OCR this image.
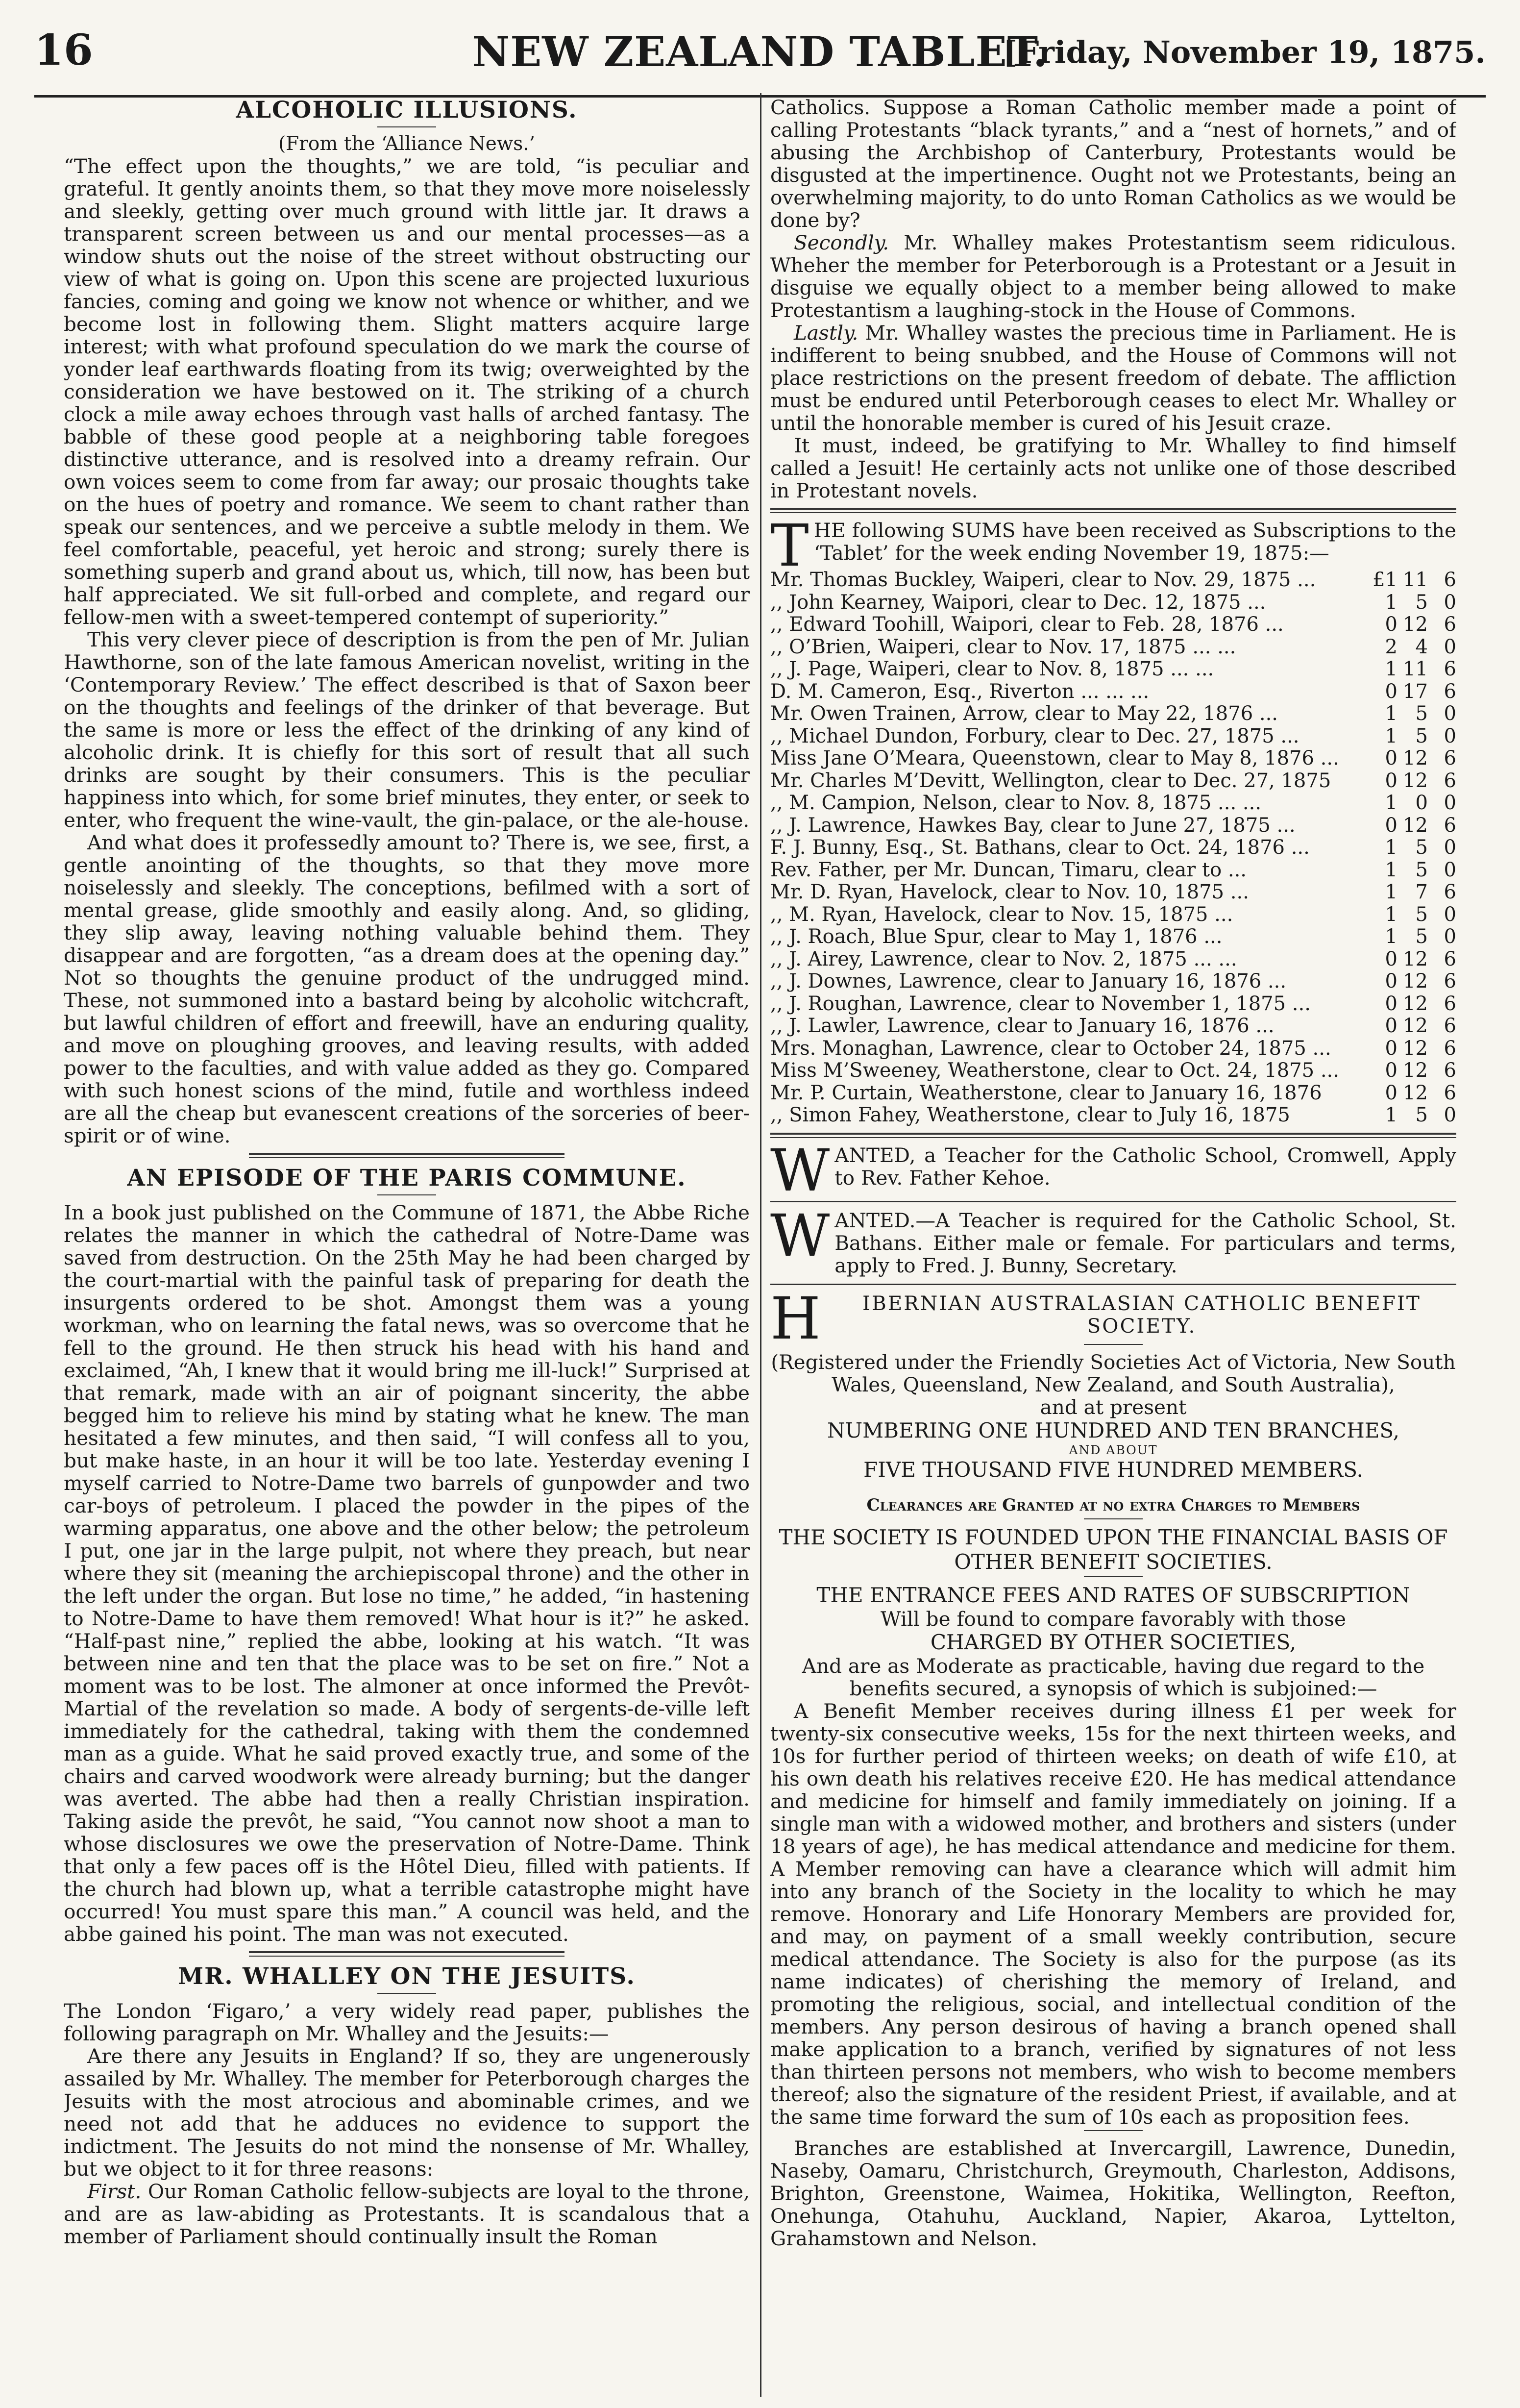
16	NEW ZEALAND TABLET.
[Friday, November 19, 1875.
ALCOHOLIC ILLUSIONS.
(From the ‘Alliance News.’

“The effect upon the thoughts,” we are told, “is peculiar and grateful. It gently anoints them, so that they move more noiselessly and sleekly, getting over much ground with little jar. It draws a transparent screen between us and our mental processes—as a window shuts out the noise of the street without obstructing our view of what is going on. Upon this scene are projected luxurious fancies, coming and going we know not whence or whither, and we become lost in following them. Slight matters acquire large interest; with what profound speculation do we mark the course of yonder leaf earthwards floating from its twig; overweighted by the consideration we have bestowed on it. The striking of a church clock a mile away echoes through vast halls of arched fantasy. The babble of these good people at a neighboring table foregoes distinctive utterance, and is resolved into a dreamy refrain. Our own voices seem to come from far away; our prosaic thoughts take on the hues of poetry and romance. We seem to chant rather than speak our sentences, and we perceive a subtle melody in them. We feel comfortable, peaceful, yet heroic and strong; surely there is something superb and grand about us, which, till now, has been but half appreciated. We sit full-orbed and complete, and regard our fellow-men with a sweet-tempered contempt of superiority.”

This very clever piece of description is from the pen of Mr. Julian Hawthorne, son of the late famous American novelist, writing in the ‘Contemporary Review.’ The effect described is that of Saxon beer on the thoughts and feelings of the drinker of that beverage. But the same is more or less the effect of the drinking of any kind of alcoholic drink. It is chiefly for this sort of result that all such drinks are sought by their consumers. This is the peculiar happiness into which, for some brief minutes, they enter, or seek to enter, who frequent the wine-vault, the gin-palace, or the ale-house.

And what does it professedly amount to? There is, we see, first, a gentle anointing of the thoughts, so that they move more noiselessly and sleekly. The conceptions, befilmed with a sort of mental grease, glide smoothly and easily along. And, so gliding, they slip away, leaving nothing valuable behind them. They disappear and are forgotten, “as a dream does at the opening day.” Not so thoughts the genuine product of the undrugged mind. These, not summoned into a bastard being by alcoholic witchcraft, but lawful children of effort and freewill, have an enduring quality, and move on ploughing grooves, and leaving results, with added power to the faculties, and with value added as they go. Compared with such honest scions of the mind, futile and worthless indeed are all the cheap but evanescent creations of the sorceries of beer-spirit or of wine.

AN EPISODE OF THE PARIS COMMUNE.

In a book just published on the Commune of 1871, the Abbe Riche relates the manner in which the cathedral of Notre-Dame was saved from destruction. On the 25th May he had been charged by the court-martial with the painful task of preparing for death the insurgents ordered to be shot. Amongst them was a young workman, who on learning the fatal news, was so overcome that he fell to the ground. He then struck his head with his hand and exclaimed, “Ah, I knew that it would bring me ill-luck!” Surprised at that remark, made with an air of poignant sincerity, the abbe begged him to relieve his mind by stating what he knew. The man hesitated a few minutes, and then said, “I will confess all to you, but make haste, in an hour it will be too late. Yesterday evening I myself carried to Notre-Dame two barrels of gunpowder and two car-boys of petroleum. I placed the powder in the pipes of the warming apparatus, one above and the other below; the petroleum I put, one jar in the large pulpit, not where they preach, but near where they sit (meaning the archiepiscopal throne) and the other in the left under the organ. But lose no time,” he added, “in hastening to Notre-Dame to have them removed! What hour is it?” he asked. “Half-past nine,” replied the abbe, looking at his watch. “It was between nine and ten that the place was to be set on fire.” Not a moment was to be lost. The almoner at once informed the Prevôt-Martial of the revelation so made. A body of sergents-de-ville left immediately for the cathedral, taking with them the condemned man as a guide. What he said proved exactly true, and some of the chairs and carved woodwork were already burning; but the danger was averted. The abbe had then a really Christian inspiration. Taking aside the prevôt, he said, “You cannot now shoot a man to whose disclosures we owe the preservation of Notre-Dame. Think that only a few paces off is the Hôtel Dieu, filled with patients. If the church had blown up, what a terrible catastrophe might have occurred! You must spare this man.” A council was held, and the abbe gained his point. The man was not executed.

MR. WHALLEY ON THE JESUITS.

The London ‘Figaro,’ a very widely read paper, publishes the following paragraph on Mr. Whalley and the Jesuits:—

Are there any Jesuits in England? If so, they are ungenerously assailed by Mr. Whalley. The member for Peterborough charges the Jesuits with the most atrocious and abominable crimes, and we need not add that he adduces no evidence to support the indictment. The Jesuits do not mind the nonsense of Mr. Whalley, but we object to it for three reasons:

First. Our Roman Catholic fellow-subjects are loyal to the throne, and are as law-abiding as Protestants. It is scandalous that a member of Parliament should continually insult the Roman

Catholics. Suppose a Roman Catholic member made a point of calling Protestants “black tyrants,” and a “nest of hornets,” and of abusing the Archbishop of Canterbury, Protestants would be disgusted at the impertinence. Ought not we Protestants, being an overwhelming majority, to do unto Roman Catholics as we would be done by?

Secondly. Mr. Whalley makes Protestantism seem ridiculous. Wheher the member for Peterborough is a Protestant or a Jesuit in disguise we equally object to a member being allowed to make Protestantism a laughing-stock in the House of Commons.

Lastly. Mr. Whalley wastes the precious time in Parliament. He is indifferent to being snubbed, and the House of Commons will not place restrictions on the present freedom of debate. The affliction must be endured until Peterborough ceases to elect Mr. Whalley or until the honorable member is cured of his Jesuit craze.

It must, indeed, be gratifying to Mr. Whalley to find himself called a Jesuit! He certainly acts not unlike one of those described in Protestant novels.

THE following SUMS have been received as Subscriptions to the ‘Tablet’ for the week ending November 19, 1875:—

Mr. Thomas Buckley, Waiperi, clear to Nov. 29, 1875 ...	£1 11 6
,, John Kearney, Waipori, clear to Dec. 12, 1875 ...	1 5 0
,, Edward Toohill, Waipori, clear to Feb. 28, 1876 ...	0 12 6
,, O’Brien, Waiperi, clear to Nov. 17, 1875 ... ...	2 4 0
,, J. Page, Waiperi, clear to Nov. 8, 1875 ... ...	1 11 6
D. M. Cameron, Esq., Riverton ... ... ...	0 17 6
Mr. Owen Trainen, Arrow, clear to May 22, 1876 ...	1 5 0
,, Michael Dundon, Forbury, clear to Dec. 27, 1875 ...	1 5 0
Miss Jane O’Meara, Queenstown, clear to May 8, 1876 ...	0 12 6
Mr. Charles M’Devitt, Wellington, clear to Dec. 27, 1875	0 12 6
,, M. Campion, Nelson, clear to Nov. 8, 1875 ... ...	1 0 0
,, J. Lawrence, Hawkes Bay, clear to June 27, 1875 ...	0 12 6
F. J. Bunny, Esq., St. Bathans, clear to Oct. 24, 1876 ...	1 5 0
Rev. Father, per Mr. Duncan, Timaru, clear to ...	1 5 0
Mr. D. Ryan, Havelock, clear to Nov. 10, 1875 ...	1 7 6
,, M. Ryan, Havelock, clear to Nov. 15, 1875 ...	1 5 0
,, J. Roach, Blue Spur, clear to May 1, 1876 ...	1 5 0
,, J. Airey, Lawrence, clear to Nov. 2, 1875 ... ...	0 12 6
,, J. Downes, Lawrence, clear to January 16, 1876 ...	0 12 6
,, J. Roughan, Lawrence, clear to November 1, 1875 ...	0 12 6
,, J. Lawler, Lawrence, clear to January 16, 1876 ...	0 12 6
Mrs. Monaghan, Lawrence, clear to October 24, 1875 ...	0 12 6
Miss M’Sweeney, Weatherstone, clear to Oct. 24, 1875 ...	0 12 6
Mr. P. Curtain, Weatherstone, clear to January 16, 1876	0 12 6
,, Simon Fahey, Weatherstone, clear to July 16, 1875	1 5 0

WANTED, a Teacher for the Catholic School, Cromwell, Apply to Rev. Father Kehoe.

WANTED.—A Teacher is required for the Catholic School, St. Bathans. Either male or female. For particulars and terms, apply to Fred. J. Bunny, Secretary.

H IBERNIAN AUSTRALASIAN CATHOLIC BENEFIT SOCIETY.

(Registered under the Friendly Societies Act of Victoria, New South Wales, Queensland, New Zealand, and South Australia),

and at present

NUMBERING ONE HUNDRED AND TEN BRANCHES,

AND ABOUT

FIVE THOUSAND FIVE HUNDRED MEMBERS.

Clearances are Granted at no extra Charges to Members

THE SOCIETY IS FOUNDED UPON THE FINANCIAL BASIS OF OTHER BENEFIT SOCIETIES.

THE ENTRANCE FEES AND RATES OF SUBSCRIPTION

Will be found to compare favorably with those

CHARGED BY OTHER SOCIETIES,

And are as Moderate as practicable, having due regard to the benefits secured, a synopsis of which is subjoined:—

A Benefit Member receives during illness £1 per week for twenty-six consecutive weeks, 15s for the next thirteen weeks, and 10s for further period of thirteen weeks; on death of wife £10, at his own death his relatives receive £20. He has medical attendance and medicine for himself and family immediately on joining. If a single man with a widowed mother, and brothers and sisters (under 18 years of age), he has medical attendance and medicine for them. A Member removing can have a clearance which will admit him into any branch of the Society in the locality to which he may remove. Honorary and Life Honorary Members are provided for, and may, on payment of a small weekly contribution, secure medical attendance. The Society is also for the purpose (as its name indicates) of cherishing the memory of Ireland, and promoting the religious, social, and intellectual condition of the members. Any person desirous of having a branch opened shall make application to a branch, verified by signatures of not less than thirteen persons not members, who wish to become members thereof; also the signature of the resident Priest, if available, and at the same time forward the sum of 10s each as proposition fees.

Branches are established at Invercargill, Lawrence, Dunedin, Naseby, Oamaru, Christchurch, Greymouth, Charleston, Addisons, Brighton, Greenstone, Waimea, Hokitika, Wellington, Reefton, Onehunga, Otahuhu, Auckland, Napier, Akaroa, Lyttelton, Grahamstown and Nelson.
